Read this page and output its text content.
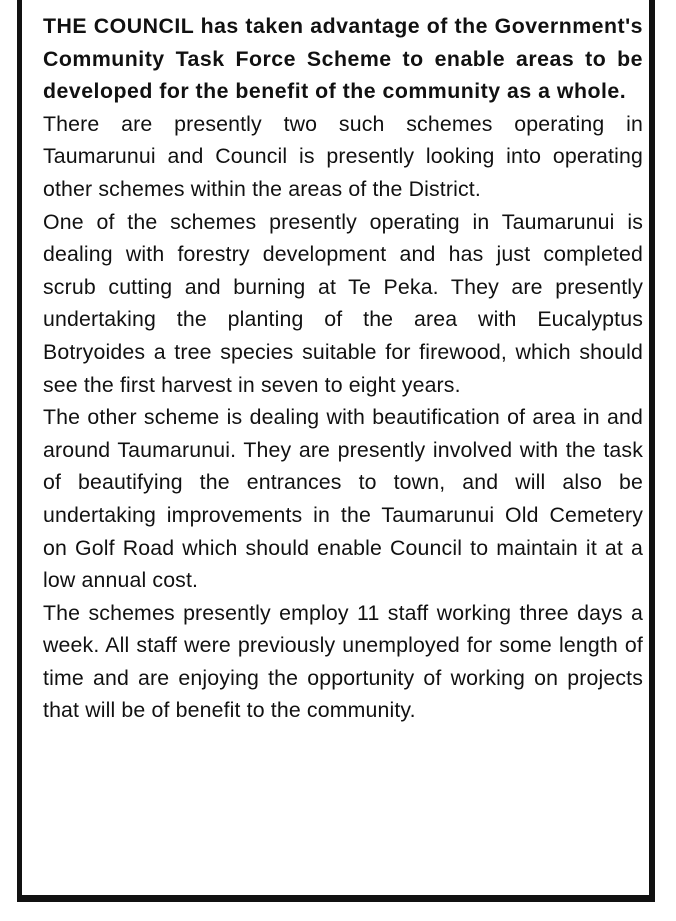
THE COUNCIL has taken advantage of the Government's Community Task Force Scheme to enable areas to be developed for the benefit of the community as a whole.

There are presently two such schemes operating in Taumarunui and Council is presently looking into operating other schemes within the areas of the District.

One of the schemes presently operating in Taumarunui is dealing with forestry development and has just completed scrub cutting and burning at Te Peka. They are presently undertaking the planting of the area with Eucalyptus Botryoides a tree species suitable for firewood, which should see the first harvest in seven to eight years.

The other scheme is dealing with beautification of area in and around Taumarunui. They are presently involved with the task of beautifying the entrances to town, and will also be undertaking improvements in the Taumarunui Old Cemetery on Golf Road which should enable Council to maintain it at a low annual cost.

The schemes presently employ 11 staff working three days a week. All staff were previously unemployed for some length of time and are enjoying the opportunity of working on projects that will be of benefit to the community.
